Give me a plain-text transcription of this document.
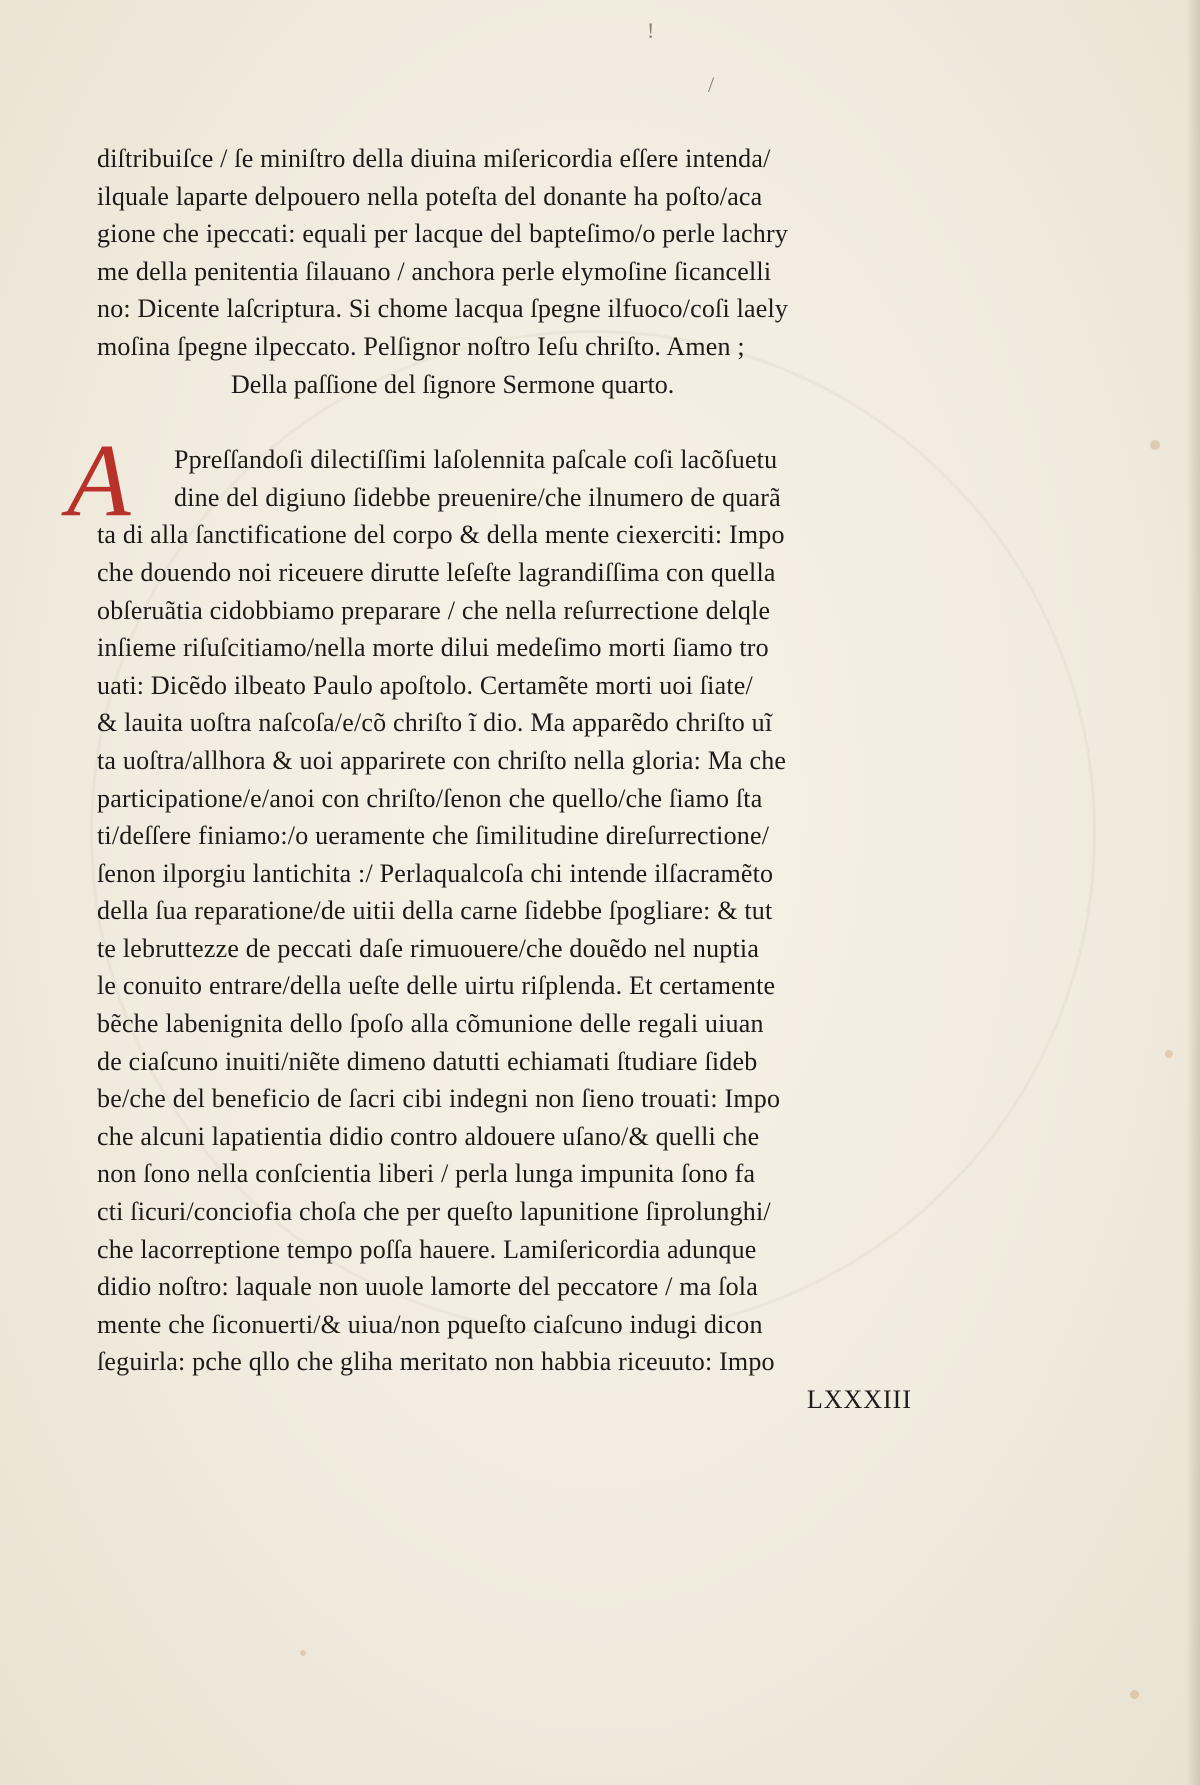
!
/
diſtribuiſce / ſe miniſtro della diuina miſericordia eſſere intenda/
ilquale laparte delpouero nella poteſta del donante ha poſto/aca
gione che ipeccati: equali per lacque del bapteſimo/o perle lachry
me della penitentia ſilauano / anchora perle elymoſine ſicancelli
no: Dicente laſcriptura. Si chome lacqua ſpegne ilfuoco/coſi laely
moſina ſpegne ilpeccato. Pelſignor noſtro Ieſu chriſto. Amen ;
Della paſſione del ſignore Sermone quarto.
A	Ppreſſandoſi dilectiſſimi laſolennita paſcale coſi lacõſuetu
dine del digiuno ſidebbe preuenire/che ilnumero de quarã
ta di alla ſanctificatione del corpo & della mente ciexerciti: Impo
che douendo noi riceuere dirutte leſeſte lagrandiſſima con quella
obſeruãtia cidobbiamo preparare / che nella reſurrectione delqle
inſieme riſuſcitiamo/nella morte dilui medeſimo morti ſiamo tro
uati: Dicẽdo ilbeato Paulo apoſtolo. Certamẽte morti uoi ſiate/
& lauita uoſtra naſcoſa/e/cõ chriſto ĩ dio. Ma apparẽdo chriſto uĩ
ta uoſtra/allhora & uoi apparirete con chriſto nella gloria: Ma che
participatione/e/anoi con chriſto/ſenon che quello/che ſiamo ſta
ti/deſſere finiamo:/o ueramente che ſimilitudine direſurrectione/
ſenon ilporgiu lantichita :/ Perlaqualcoſa chi intende ilſacramẽto
della ſua reparatione/de uitii della carne ſidebbe ſpogliare: & tut
te lebruttezze de peccati daſe rimuouere/che douẽdo nel nuptia
le conuito entrare/della ueſte delle uirtu riſplenda. Et certamente
bẽche labenignita dello ſpoſo alla cõmunione delle regali uiuan
de ciaſcuno inuiti/niẽte dimeno datutti echiamati ſtudiare ſideb
be/che del beneficio de ſacri cibi indegni non ſieno trouati: Impo
che alcuni lapatientia didio contro aldouere uſano/& quelli che
non ſono nella conſcientia liberi / perla lunga impunita ſono fa
cti ſicuri/conciofia choſa che per queſto lapunitione ſiprolunghi/
che lacorreptione tempo poſſa hauere. Lamiſericordia adunque
didio noſtro: laquale non uuole lamorte del peccatore / ma ſola
mente che ſiconuerti/& uiua/non pqueſto ciaſcuno indugi dicon
ſeguirla: pche qllo che gliha meritato non habbia riceuuto: Impo
LXXXIII
